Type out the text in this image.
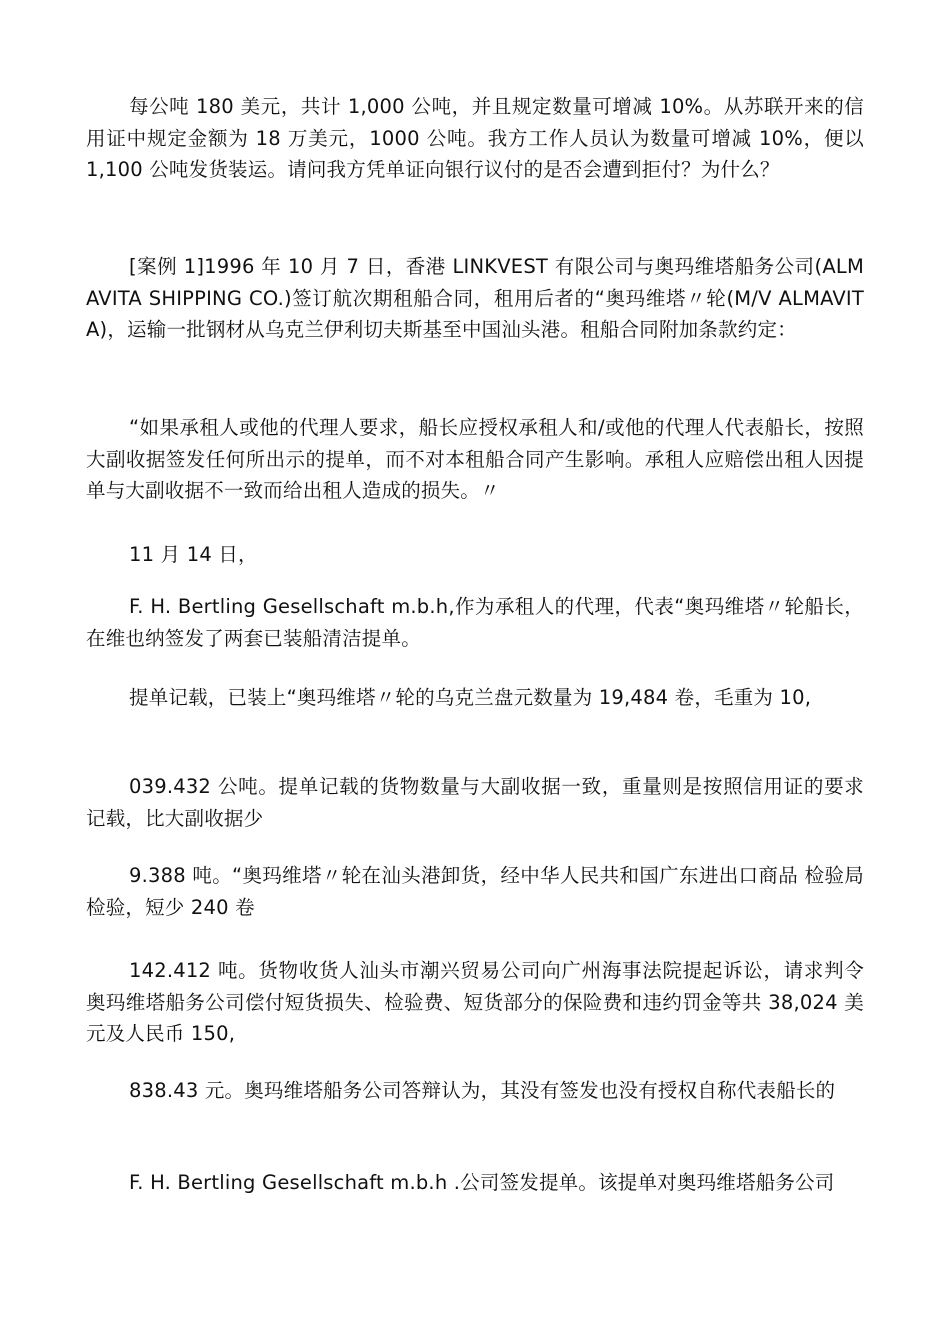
每公吨 180 美元，共计 1,000 公吨，并且规定数量可增减 10%。从苏联开来的信用证中规定金额为 18 万美元，1000 公吨。我方工作人员认为数量可增减 10%，便以 1,100 公吨发货装运。请问我方凭单证向银行议付的是否会遭到拒付？为什么？

[案例 1]1996 年 10 月 7 日，香港 LINKVEST 有限公司与奥玛维塔船务公司(ALMAVITA SHIPPING CO.)签订航次期租船合同，租用后者的“奥玛维塔〃轮(M/V ALMAVITA)，运输一批钢材从乌克兰伊利切夫斯基至中国汕头港。租船合同附加条款约定：

“如果承租人或他的代理人要求，船长应授权承租人和/或他的代理人代表船长，按照大副收据签发任何所出示的提单，而不对本租船合同产生影响。承租人应赔偿出租人因提单与大副收据不一致而给出租人造成的损失。〃

11 月 14 日，

F. H. Bertling Gesellschaft m.b.h,作为承租人的代理，代表“奥玛维塔〃轮船长，在维也纳签发了两套已装船清洁提单。

提单记载，已装上“奥玛维塔〃轮的乌克兰盘元数量为 19,484 卷，毛重为 10,

039.432 公吨。提单记载的货物数量与大副收据一致，重量则是按照信用证的要求记载，比大副收据少

9.388 吨。“奥玛维塔〃轮在汕头港卸货，经中华人民共和国广东进出口商品 检验局检验，短少 240 卷

142.412 吨。货物收货人汕头市潮兴贸易公司向广州海事法院提起诉讼，请求判令奥玛维塔船务公司偿付短货损失、检验费、短货部分的保险费和违约罚金等共 38,024 美元及人民币 150,

838.43 元。奥玛维塔船务公司答辩认为，其没有签发也没有授权自称代表船长的

F. H. Bertling Gesellschaft m.b.h .公司签发提单。该提单对奥玛维塔船务公司
